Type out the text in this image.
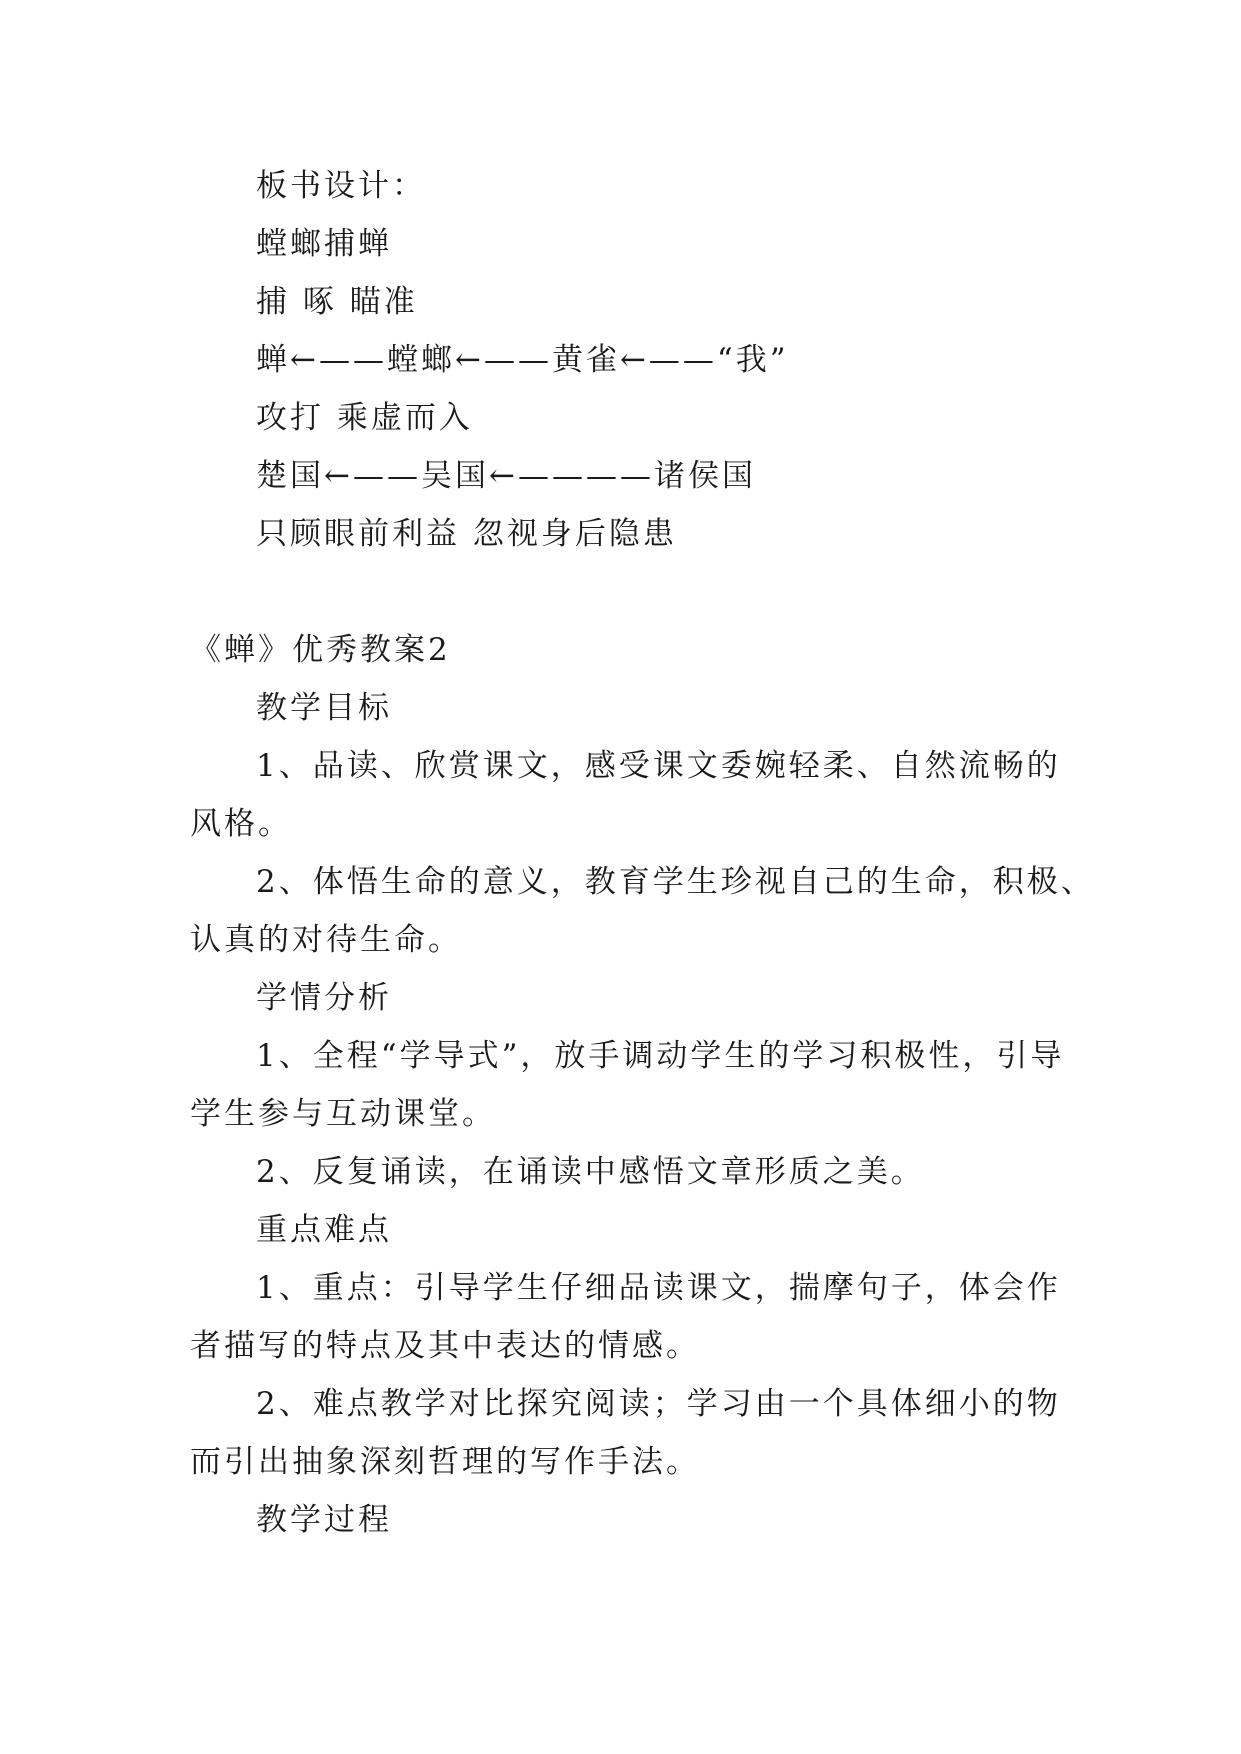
板书设计：
螳螂捕蝉
捕 啄 瞄准
蝉←——螳螂←——黄雀←——“我”
攻打 乘虚而入
楚国←——吴国←————诸侯国
只顾眼前利益 忽视身后隐患
《蝉》优秀教案2
教学目标
1、品读、欣赏课文，感受课文委婉轻柔、自然流畅的
风格。
2、体悟生命的意义，教育学生珍视自己的生命，积极、
认真的对待生命。
学情分析
1、全程“学导式”，放手调动学生的学习积极性，引导
学生参与互动课堂。
2、反复诵读，在诵读中感悟文章形质之美。
重点难点
1、重点：引导学生仔细品读课文，揣摩句子，体会作
者描写的特点及其中表达的情感。
2、难点教学对比探究阅读；学习由一个具体细小的物
而引出抽象深刻哲理的写作手法。
教学过程
